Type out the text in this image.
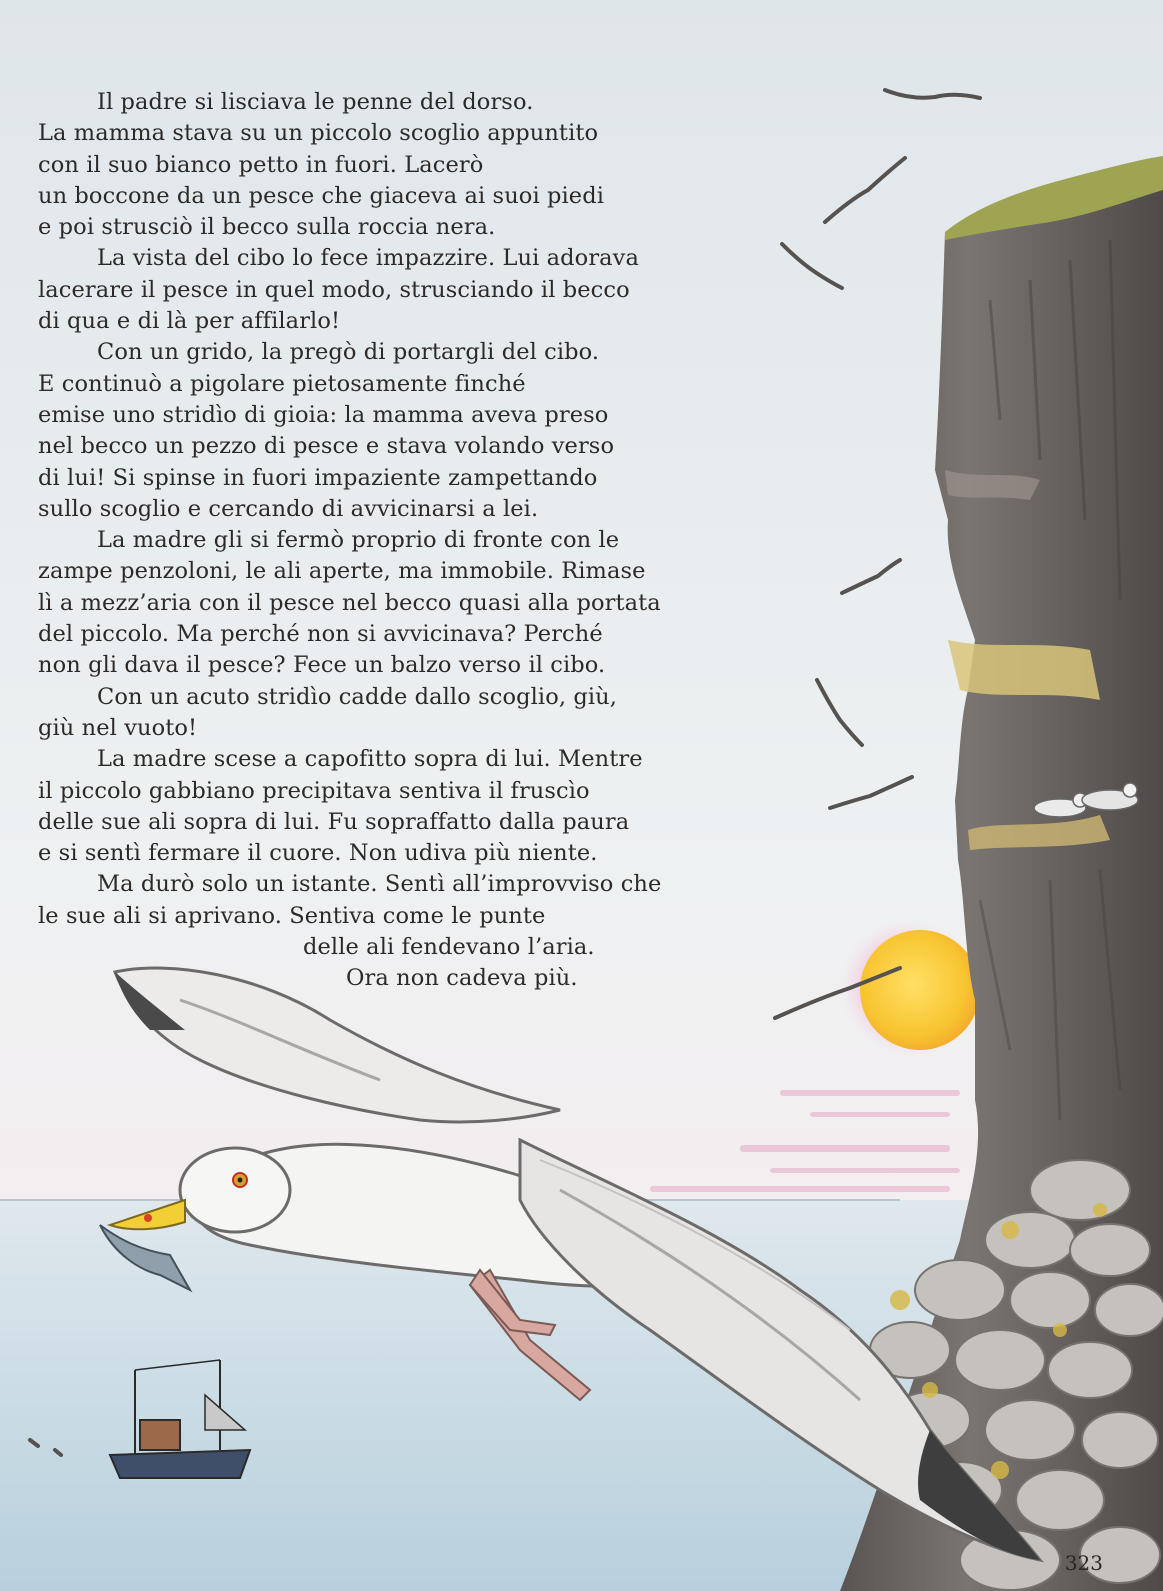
Il padre si lisciava le penne del dorso.
La mamma stava su un piccolo scoglio appuntito
con il suo bianco petto in fuori. Lacerò
un boccone da un pesce che giaceva ai suoi piedi
e poi strusciò il becco sulla roccia nera.
La vista del cibo lo fece impazzire. Lui adorava
lacerare il pesce in quel modo, strusciando il becco
di qua e di là per affilarlo!
Con un grido, la pregò di portargli del cibo.
E continuò a pigolare pietosamente finché
emise uno stridìo di gioia: la mamma aveva preso
nel becco un pezzo di pesce e stava volando verso
di lui! Si spinse in fuori impaziente zampettando
sullo scoglio e cercando di avvicinarsi a lei.
La madre gli si fermò proprio di fronte con le
zampe penzoloni, le ali aperte, ma immobile. Rimase
lì a mezz’aria con il pesce nel becco quasi alla portata
del piccolo. Ma perché non si avvicinava? Perché
non gli dava il pesce? Fece un balzo verso il cibo.
Con un acuto stridìo cadde dallo scoglio, giù,
giù nel vuoto!
La madre scese a capofitto sopra di lui. Mentre
il piccolo gabbiano precipitava sentiva il fruscìo
delle sue ali sopra di lui. Fu sopraffatto dalla paura
e si sentì fermare il cuore. Non udiva più niente.
Ma durò solo un istante. Sentì all’improvviso che
le sue ali si aprivano. Sentiva come le punte
delle ali fendevano l’aria.
Ora non cadeva più.
323
